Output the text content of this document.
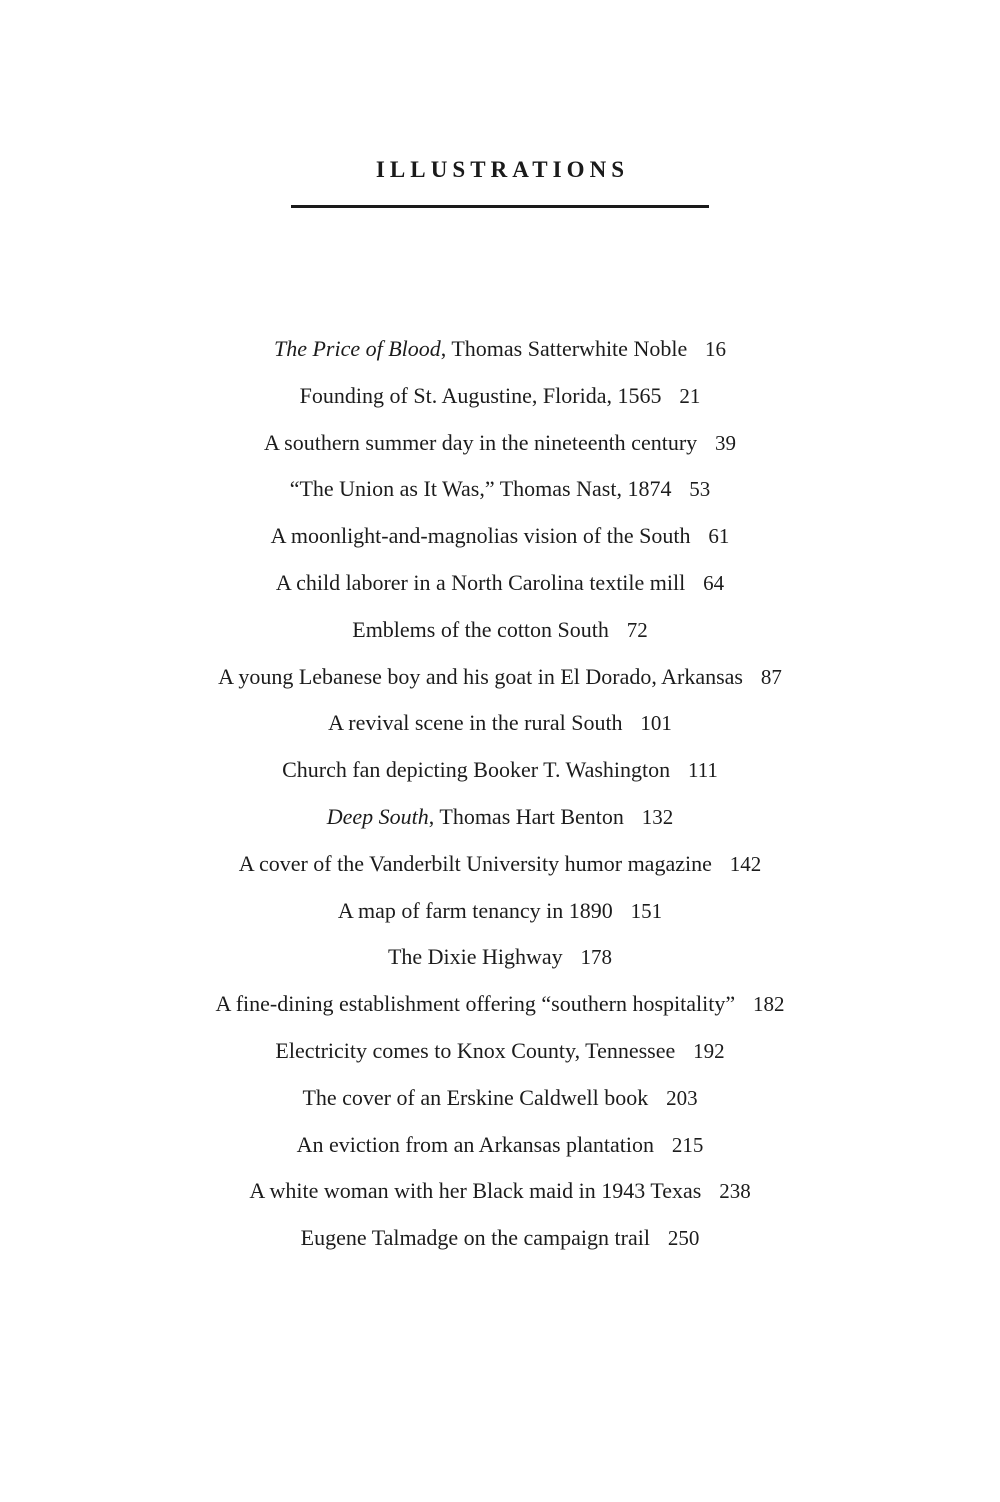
ILLUSTRATIONS
The Price of Blood, Thomas Satterwhite Noble 16
Founding of St. Augustine, Florida, 1565 21
A southern summer day in the nineteenth century 39
“The Union as It Was,” Thomas Nast, 1874 53
A moonlight-and-magnolias vision of the South 61
A child laborer in a North Carolina textile mill 64
Emblems of the cotton South 72
A young Lebanese boy and his goat in El Dorado, Arkansas 87
A revival scene in the rural South 101
Church fan depicting Booker T. Washington 111
Deep South, Thomas Hart Benton 132
A cover of the Vanderbilt University humor magazine 142
A map of farm tenancy in 1890 151
The Dixie Highway 178
A fine-dining establishment offering “southern hospitality” 182
Electricity comes to Knox County, Tennessee 192
The cover of an Erskine Caldwell book 203
An eviction from an Arkansas plantation 215
A white woman with her Black maid in 1943 Texas 238
Eugene Talmadge on the campaign trail 250
